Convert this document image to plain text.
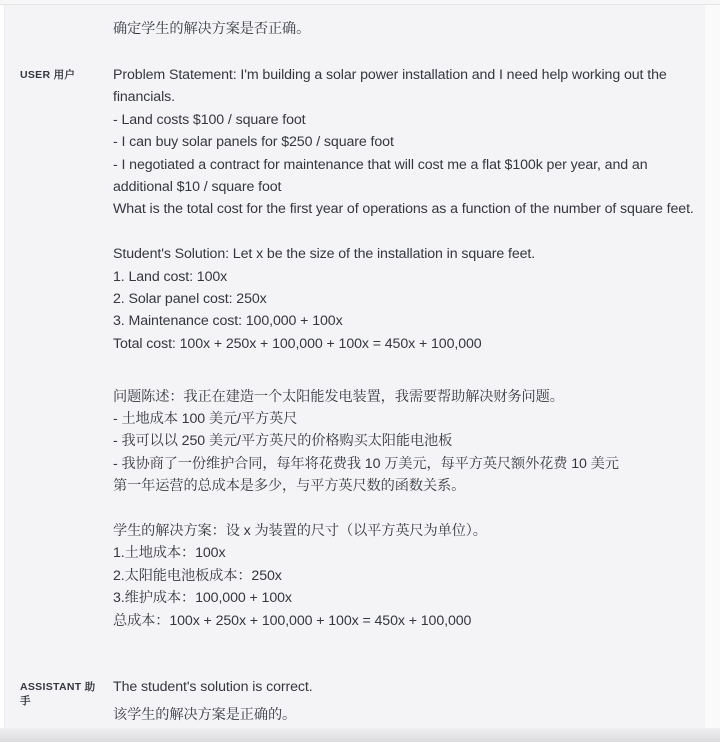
确定学生的解决方案是否正确。
USER 用户	Problem Statement: I'm building a solar power installation and I need help working out the financials.
- Land costs $100 / square foot
- I can buy solar panels for $250 / square foot
- I negotiated a contract for maintenance that will cost me a flat $100k per year, and an additional $10 / square foot
What is the total cost for the first year of operations as a function of the number of square feet.
Student's Solution: Let x be the size of the installation in square feet.
1. Land cost: 100x
2. Solar panel cost: 250x
3. Maintenance cost: 100,000 + 100x
Total cost: 100x + 250x + 100,000 + 100x = 450x + 100,000
问题陈述：我正在建造一个太阳能发电装置，我需要帮助解决财务问题。
- 土地成本 100 美元/平方英尺
- 我可以以 250 美元/平方英尺的价格购买太阳能电池板
- 我协商了一份维护合同，每年将花费我 10 万美元，每平方英尺额外花费 10 美元
第一年运营的总成本是多少，与平方英尺数的函数关系。
学生的解决方案：设 x 为装置的尺寸（以平方英尺为单位）。
1.土地成本：100x
2.太阳能电池板成本：250x
3.维护成本：100,000 + 100x
总成本：100x + 250x + 100,000 + 100x = 450x + 100,000
ASSISTANT 助
手
The student's solution is correct.
该学生的解决方案是正确的。
